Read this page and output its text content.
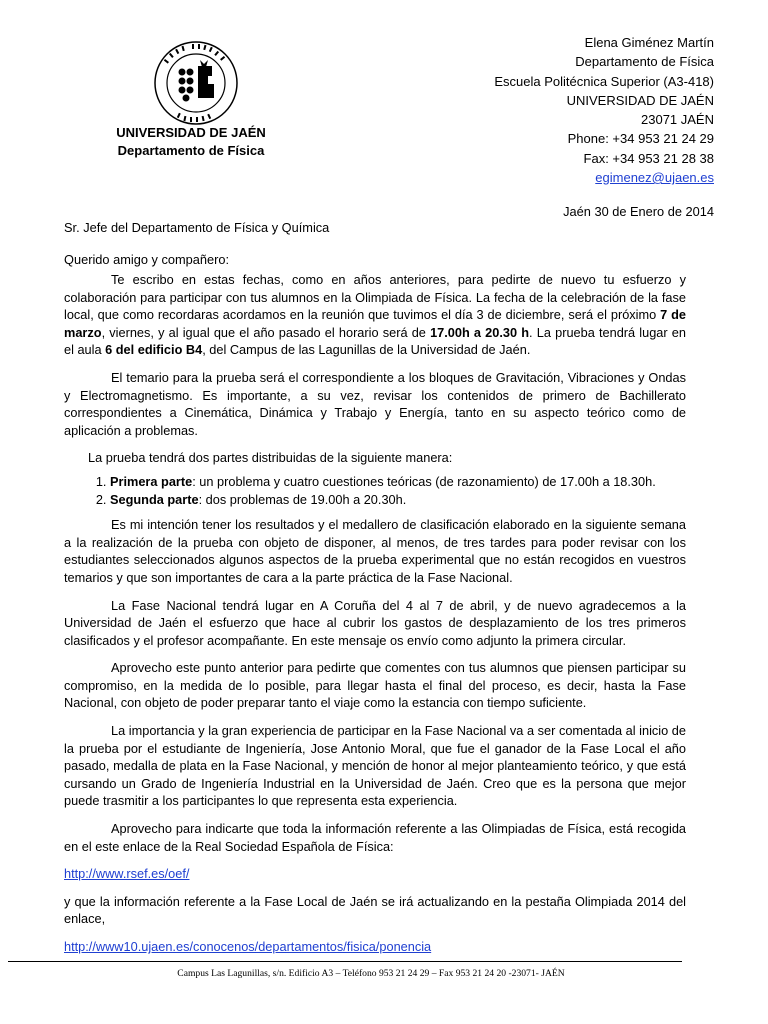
UNIVERSIDAD DE JAÉN
Departamento de Física
Elena Giménez Martín
Departamento de Física
Escuela Politécnica Superior (A3-418)
UNIVERSIDAD DE JAÉN
23071 JAÉN
Phone: +34 953 21 24 29
Fax: +34 953 21 28 38
egimenez@ujaen.es
Jaén 30 de Enero de 2014
Sr. Jefe del Departamento de Física y Química
Querido amigo y compañero:

Te escribo en estas fechas, como en años anteriores, para pedirte de nuevo tu esfuerzo y colaboración para participar con tus alumnos en la Olimpiada de Física. La fecha de la celebración de la fase local, que como recordaras acordamos en la reunión que tuvimos el día 3 de diciembre, será el próximo 7 de marzo, viernes, y al igual que el año pasado el horario será de 17.00h a 20.30 h. La prueba tendrá lugar en el aula 6 del edificio B4, del Campus de las Lagunillas de la Universidad de Jaén.

El temario para la prueba será el correspondiente a los bloques de Gravitación, Vibraciones y Ondas y Electromagnetismo. Es importante, a su vez, revisar los contenidos de primero de Bachillerato correspondientes a Cinemática, Dinámica y Trabajo y Energía, tanto en su aspecto teórico como de aplicación a problemas.

La prueba tendrá dos partes distribuidas de la siguiente manera:

1. Primera parte: un problema y cuatro cuestiones teóricas (de razonamiento) de 17.00h a 18.30h.
2. Segunda parte: dos problemas de 19.00h a 20.30h.

Es mi intención tener los resultados y el medallero de clasificación elaborado en la siguiente semana a la realización de la prueba con objeto de disponer, al menos, de tres tardes para poder revisar con los estudiantes seleccionados algunos aspectos de la prueba experimental que no están recogidos en vuestros temarios y que son importantes de cara a la parte práctica de la Fase Nacional.

La Fase Nacional tendrá lugar en A Coruña del 4 al 7 de abril, y de nuevo agradecemos a la Universidad de Jaén el esfuerzo que hace al cubrir los gastos de desplazamiento de los tres primeros clasificados y el profesor acompañante. En este mensaje os envío como adjunto la primera circular.

Aprovecho este punto anterior para pedirte que comentes con tus alumnos que piensen participar su compromiso, en la medida de lo posible, para llegar hasta el final del proceso, es decir, hasta la Fase Nacional, con objeto de poder preparar tanto el viaje como la estancia con tiempo suficiente.

La importancia y la gran experiencia de participar en la Fase Nacional va a ser comentada al inicio de la prueba por el estudiante de Ingeniería, Jose Antonio Moral, que fue el ganador de la Fase Local el año pasado, medalla de plata en la Fase Nacional, y mención de honor al mejor planteamiento teórico, y que está cursando un Grado de Ingeniería Industrial en la Universidad de Jaén. Creo que es la persona que mejor puede trasmitir a los participantes lo que representa esta experiencia.

Aprovecho para indicarte que toda la información referente a las Olimpiadas de Física, está recogida en el este enlace de la Real Sociedad Española de Física:

http://www.rsef.es/oef/

y que la información referente a la Fase Local de Jaén se irá actualizando en la pestaña Olimpiada 2014 del enlace,

http://www10.ujaen.es/conocenos/departamentos/fisica/ponencia

Campus Las Lagunillas, s/n. Edificio A3 – Teléfono 953 21 24 29 – Fax 953 21 24 20 -23071- JAÉN
